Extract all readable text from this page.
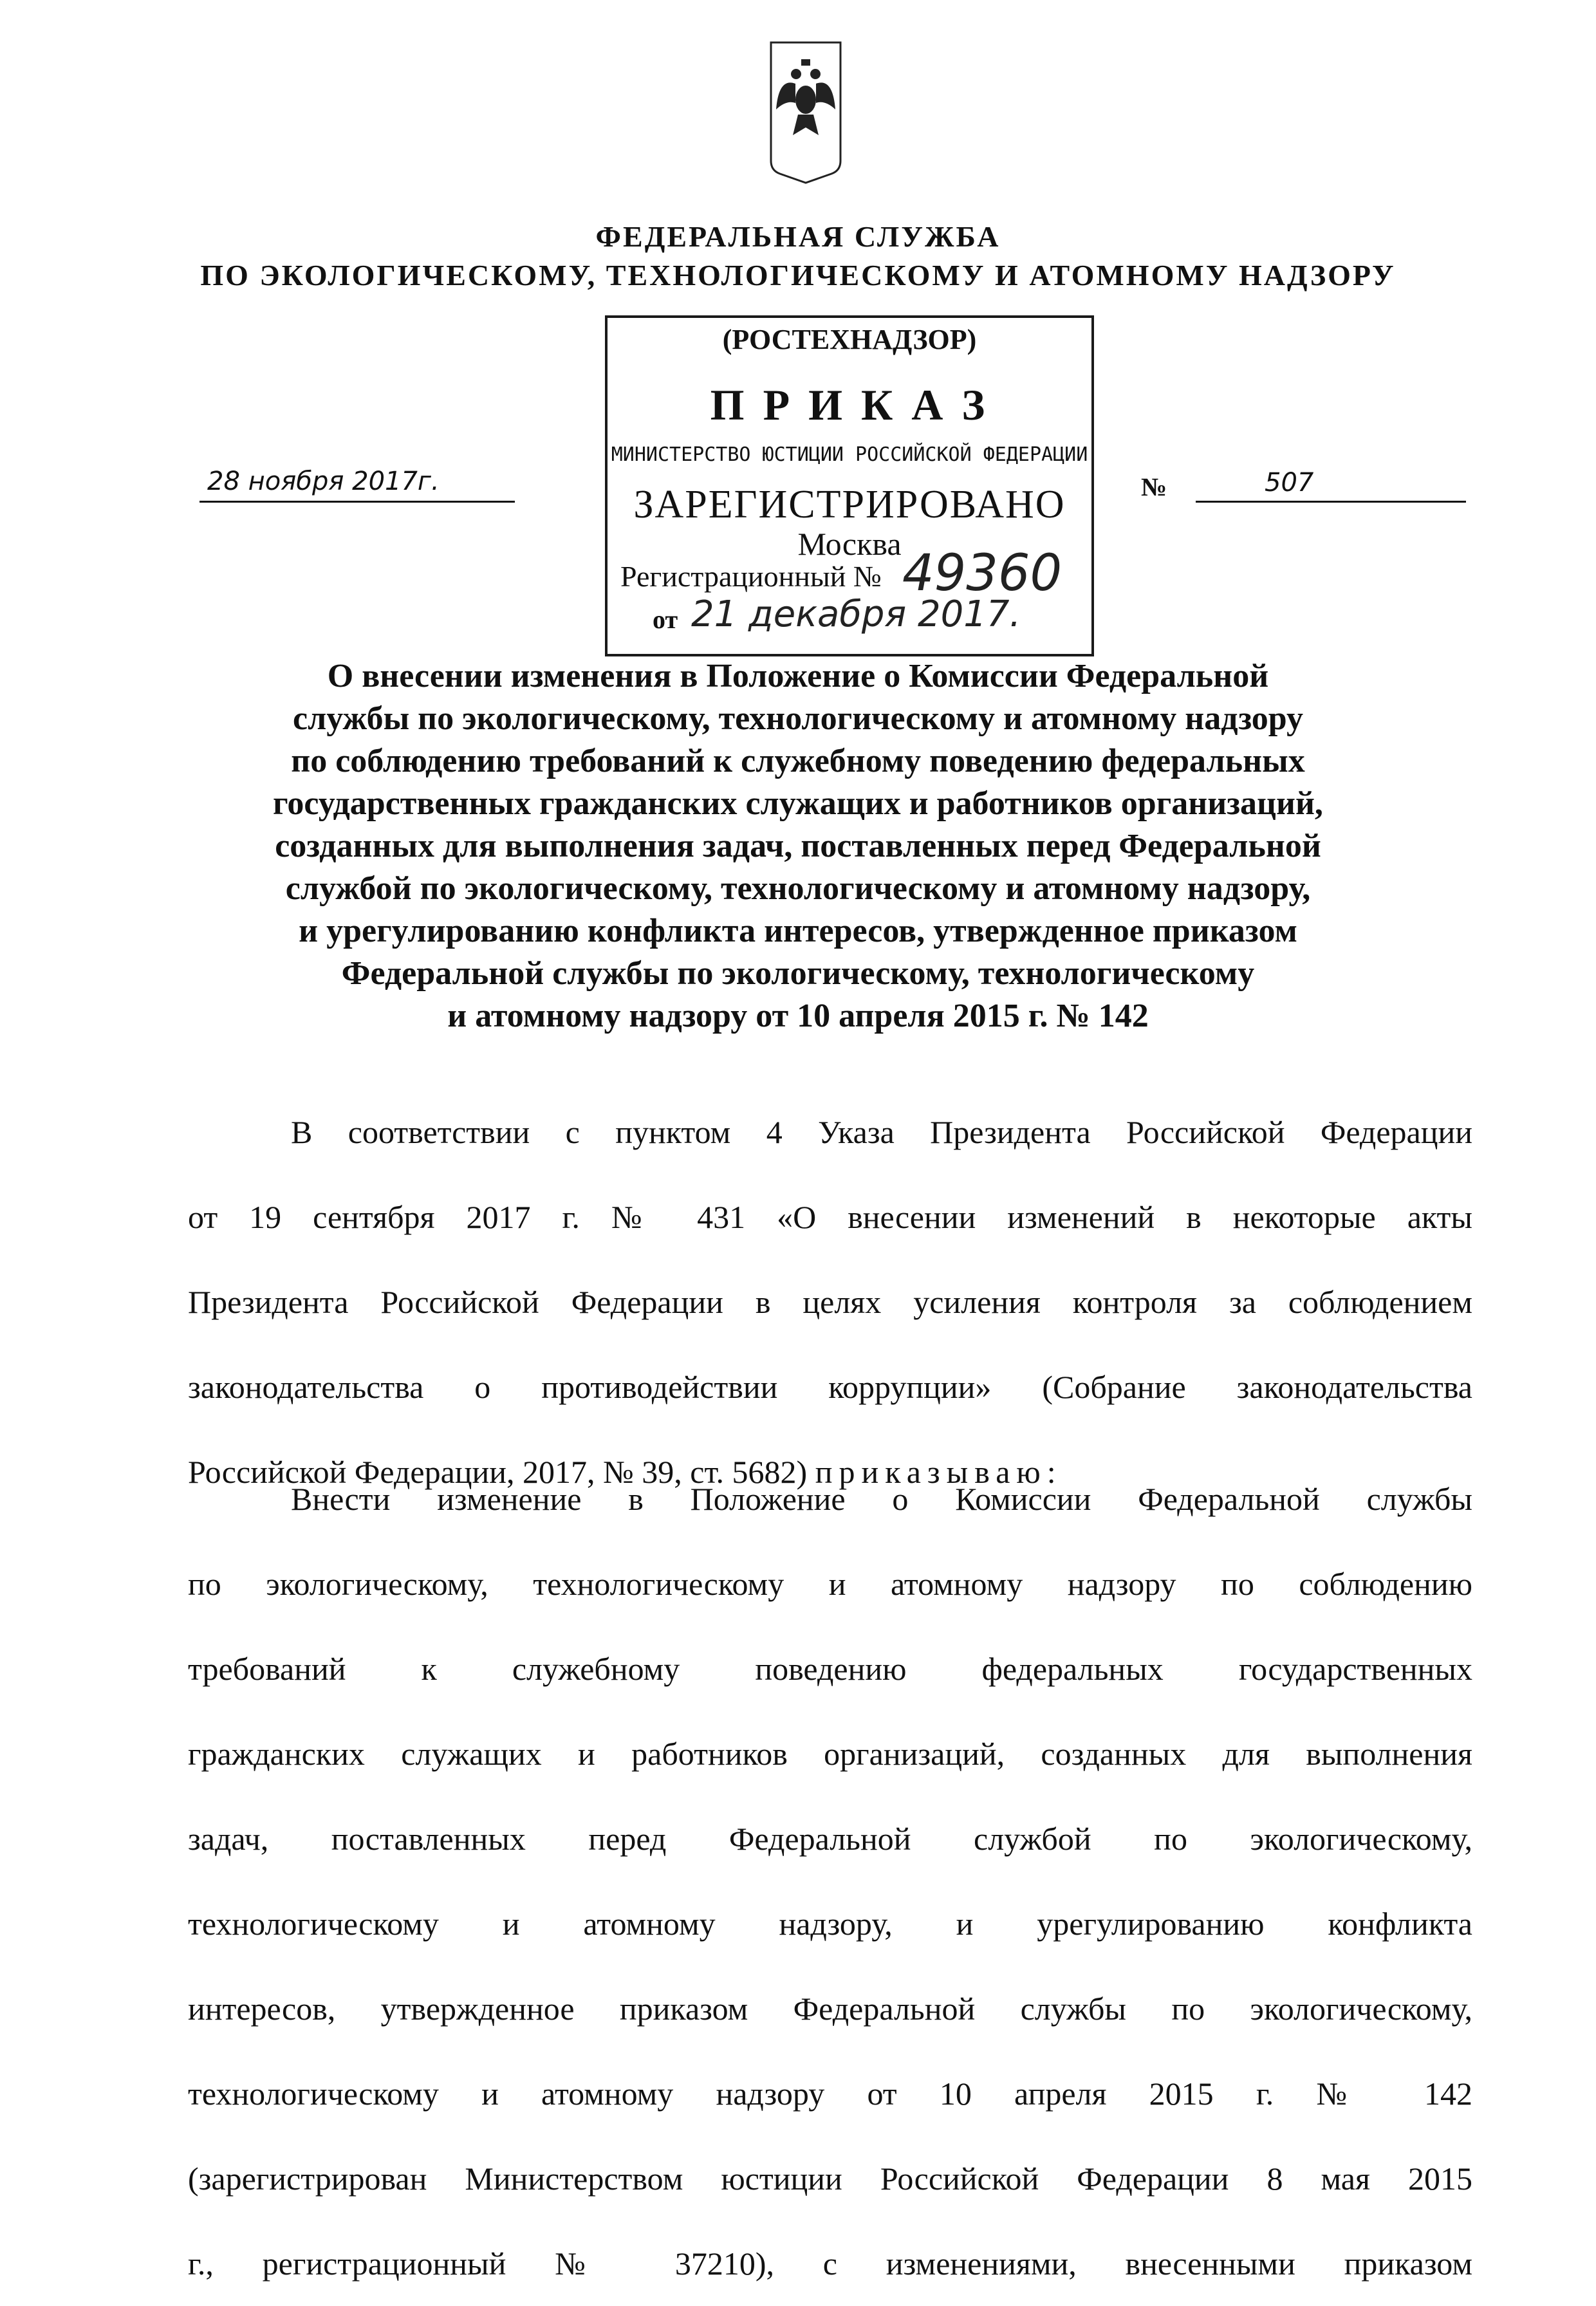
ФЕДЕРАЛЬНАЯ СЛУЖБА
ПО ЭКОЛОГИЧЕСКОМУ, ТЕХНОЛОГИЧЕСКОМУ И АТОМНОМУ НАДЗОРУ
(РОСТЕХНАДЗОР)
П Р И К А З
МИНИСТЕРСТВО ЮСТИЦИИ РОССИЙСКОЙ ФЕДЕРАЦИИ
ЗАРЕГИСТРИРОВАНО
Москва
Регистрационный № 49360
от 21 декабря 2017.
28 ноября 2017г.	№	507
О внесении изменения в Положение о Комиссии Федеральной
службы по экологическому, технологическому и атомному надзору
по соблюдению требований к служебному поведению федеральных
государственных гражданских служащих и работников организаций,
созданных для выполнения задач, поставленных перед Федеральной
службой по экологическому, технологическому и атомному надзору,
и урегулированию конфликта интересов, утвержденное приказом
Федеральной службы по экологическому, технологическому
и атомному надзору от 10 апреля 2015 г. № 142
В соответствии с пунктом 4 Указа Президента Российской Федерации
от 19 сентября 2017 г. № 431 «О внесении изменений в некоторые акты
Президента Российской Федерации в целях усиления контроля за соблюдением
законодательства о противодействии коррупции» (Собрание законодательства
Российской Федерации, 2017, № 39, ст. 5682) приказываю:
Внести изменение в Положение о Комиссии Федеральной службы
по экологическому, технологическому и атомному надзору по соблюдению
требований к служебному поведению федеральных государственных
гражданских служащих и работников организаций, созданных для выполнения
задач, поставленных перед Федеральной службой по экологическому,
технологическому и атомному надзору, и урегулированию конфликта
интересов, утвержденное приказом Федеральной службы по экологическому,
технологическому и атомному надзору от 10 апреля 2015 г. № 142
(зарегистрирован Министерством юстиции Российской Федерации 8 мая 2015
г., регистрационный № 37210), с изменениями, внесенными приказом
